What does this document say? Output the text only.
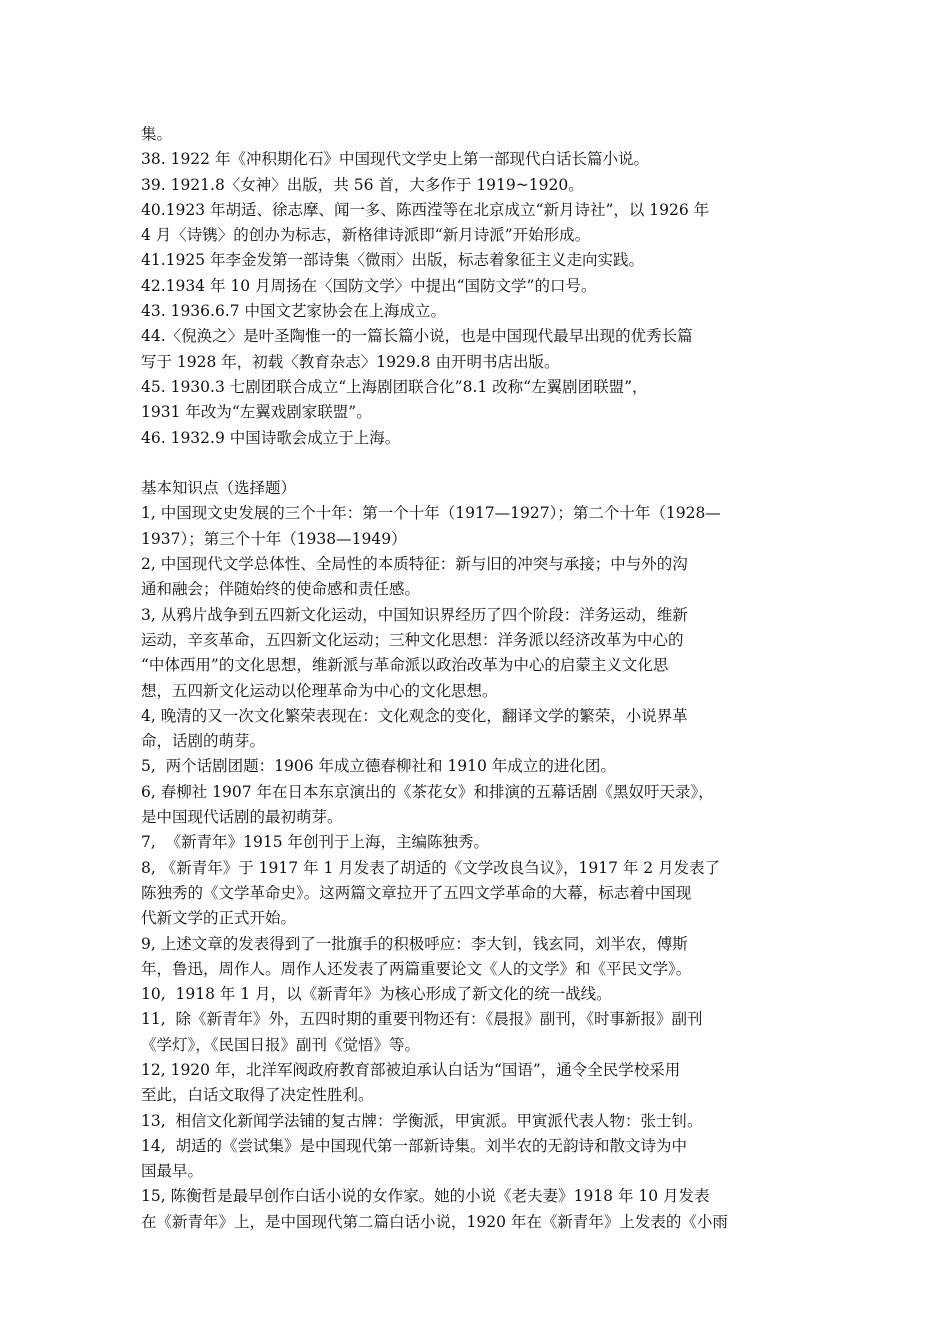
集。
38. 1922 年《冲积期化石》中国现代文学史上第一部现代白话长篇小说。
39. 1921.8〈女神〉出版，共 56 首，大多作于 1919~1920。
40.1923 年胡适、徐志摩、闻一多、陈西滢等在北京成立“新月诗社”，以 1926 年
4 月〈诗镌〉的创办为标志，新格律诗派即“新月诗派”开始形成。
41.1925 年李金发第一部诗集〈微雨〉出版，标志着象征主义走向实践。
42.1934 年 10 月周扬在〈国防文学〉中提出“国防文学”的口号。
43. 1936.6.7 中国文艺家协会在上海成立。
44.〈倪涣之〉是叶圣陶惟一的一篇长篇小说，也是中国现代最早出现的优秀长篇
写于 1928 年，初载〈教育杂志〉1929.8 由开明书店出版。
45. 1930.3 七剧团联合成立“上海剧团联合化”8.1 改称“左翼剧团联盟”，
1931 年改为“左翼戏剧家联盟”。
46. 1932.9 中国诗歌会成立于上海。
基本知识点（选择题）
1, 中国现文史发展的三个十年：第一个十年（1917—1927）；第二个十年（1928—
1937）；第三个十年（1938—1949）
2, 中国现代文学总体性、全局性的本质特征：新与旧的冲突与承接；中与外的沟
通和融会；伴随始终的使命感和责任感。
3, 从鸦片战争到五四新文化运动，中国知识界经历了四个阶段：洋务运动，维新
运动，辛亥革命，五四新文化运动；三种文化思想：洋务派以经济改革为中心的
“中体西用”的文化思想，维新派与革命派以政治改革为中心的启蒙主义文化思
想，五四新文化运动以伦理革命为中心的文化思想。
4, 晚清的又一次文化繁荣表现在：文化观念的变化，翻译文学的繁荣，小说界革
命，话剧的萌芽。
5,  两个话剧团题：1906 年成立德春柳社和 1910 年成立的进化团。
6, 春柳社 1907 年在日本东京演出的《茶花女》和排演的五幕话剧《黑奴吁天录》，
是中国现代话剧的最初萌芽。
7,  《新青年》1915 年创刊于上海，主编陈独秀。
8, 《新青年》于 1917 年 1 月发表了胡适的《文学改良刍议》，1917 年 2 月发表了
陈独秀的《文学革命史》。这两篇文章拉开了五四文学革命的大幕，标志着中国现
代新文学的正式开始。
9, 上述文章的发表得到了一批旗手的积极呼应：李大钊，钱玄同，刘半农，傅斯
年，鲁迅，周作人。周作人还发表了两篇重要论文《人的文学》和《平民文学》。
10,  1918 年 1 月，以《新青年》为核心形成了新文化的统一战线。
11,  除《新青年》外，五四时期的重要刊物还有：《晨报》副刊，《时事新报》副刊
《学灯》，《民国日报》副刊《觉悟》等。
12, 1920 年，北洋军阀政府教育部被迫承认白话为“国语”，通令全民学校采用
至此，白话文取得了决定性胜利。
13,  相信文化新闻学法铺的复古牌：学衡派，甲寅派。甲寅派代表人物：张士钊。
14,  胡适的《尝试集》是中国现代第一部新诗集。刘半农的无韵诗和散文诗为中
国最早。
15, 陈衡哲是最早创作白话小说的女作家。她的小说《老夫妻》1918 年 10 月发表
在《新青年》上，是中国现代第二篇白话小说，1920 年在《新青年》上发表的《小雨
